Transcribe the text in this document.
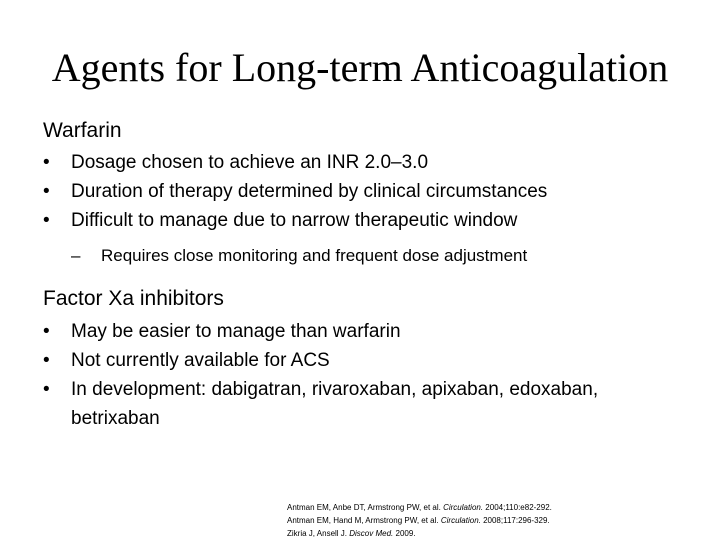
Agents for Long-term Anticoagulation
Warfarin
• Dosage chosen to achieve an INR 2.0–3.0
• Duration of therapy determined by clinical circumstances
• Difficult to manage due to narrow therapeutic window
– Requires close monitoring and frequent dose adjustment
Factor Xa inhibitors
• May be easier to manage than warfarin
• Not currently available for ACS
• In development: dabigatran, rivaroxaban, apixaban, edoxaban, betrixaban
Antman EM, Anbe DT, Armstrong PW, et al. Circulation. 2004;110:e82-292.
Antman EM, Hand M, Armstrong PW, et al. Circulation. 2008;117:296-329.
Zikria J, Ansell J. Discov Med. 2009.
